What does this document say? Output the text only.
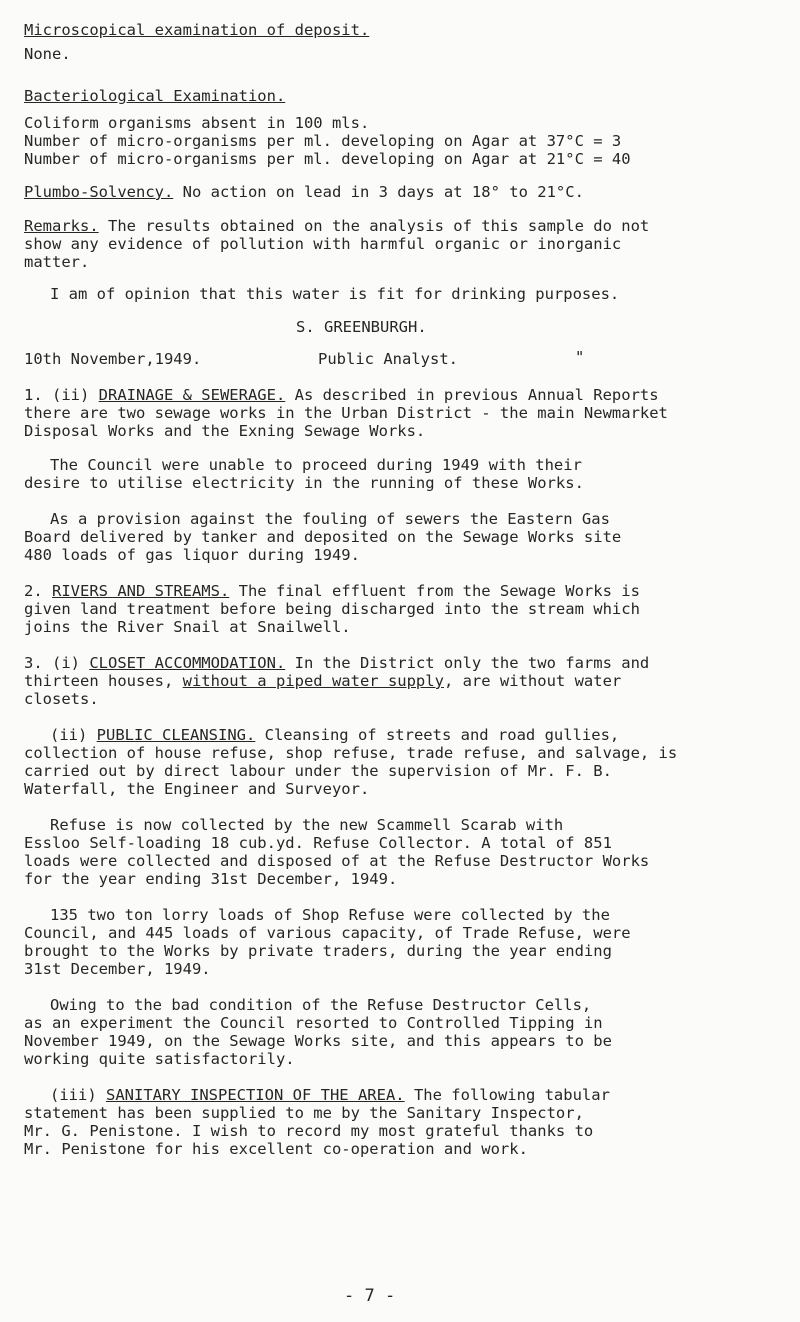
Microscopical examination of deposit.
None.
Bacteriological Examination.
Coliform organisms absent in 100 mls.
Number of micro-organisms per ml. developing on Agar at 37°C = 3
Number of micro-organisms per ml. developing on Agar at 21°C = 40
Plumbo-Solvency. No action on lead in 3 days at 18° to 21°C.
Remarks. The results obtained on the analysis of this sample do not
show any evidence of pollution with harmful organic or inorganic
matter.
I am of opinion that this water is fit for drinking purposes.
S. GREENBURGH.
10th November,1949.	Public Analyst.	"
1. (ii) DRAINAGE & SEWERAGE. As described in previous Annual Reports
there are two sewage works in the Urban District - the main Newmarket
Disposal Works and the Exning Sewage Works.
The Council were unable to proceed during 1949 with their
desire to utilise electricity in the running of these Works.
As a provision against the fouling of sewers the Eastern Gas
Board delivered by tanker and deposited on the Sewage Works site
480 loads of gas liquor during 1949.
2. RIVERS AND STREAMS. The final effluent from the Sewage Works is
given land treatment before being discharged into the stream which
joins the River Snail at Snailwell.
3. (i) CLOSET ACCOMMODATION. In the District only the two farms and
thirteen houses, without a piped water supply, are without water
closets.
(ii) PUBLIC CLEANSING. Cleansing of streets and road gullies,
collection of house refuse, shop refuse, trade refuse, and salvage, is
carried out by direct labour under the supervision of Mr. F. B.
Waterfall, the Engineer and Surveyor.
Refuse is now collected by the new Scammell Scarab with
Essloo Self-loading 18 cub.yd. Refuse Collector. A total of 851
loads were collected and disposed of at the Refuse Destructor Works
for the year ending 31st December, 1949.
135 two ton lorry loads of Shop Refuse were collected by the
Council, and 445 loads of various capacity, of Trade Refuse, were
brought to the Works by private traders, during the year ending
31st December, 1949.
Owing to the bad condition of the Refuse Destructor Cells,
as an experiment the Council resorted to Controlled Tipping in
November 1949, on the Sewage Works site, and this appears to be
working quite satisfactorily.
(iii) SANITARY INSPECTION OF THE AREA. The following tabular
statement has been supplied to me by the Sanitary Inspector,
Mr. G. Penistone. I wish to record my most grateful thanks to
Mr. Penistone for his excellent co-operation and work.
- 7 -
